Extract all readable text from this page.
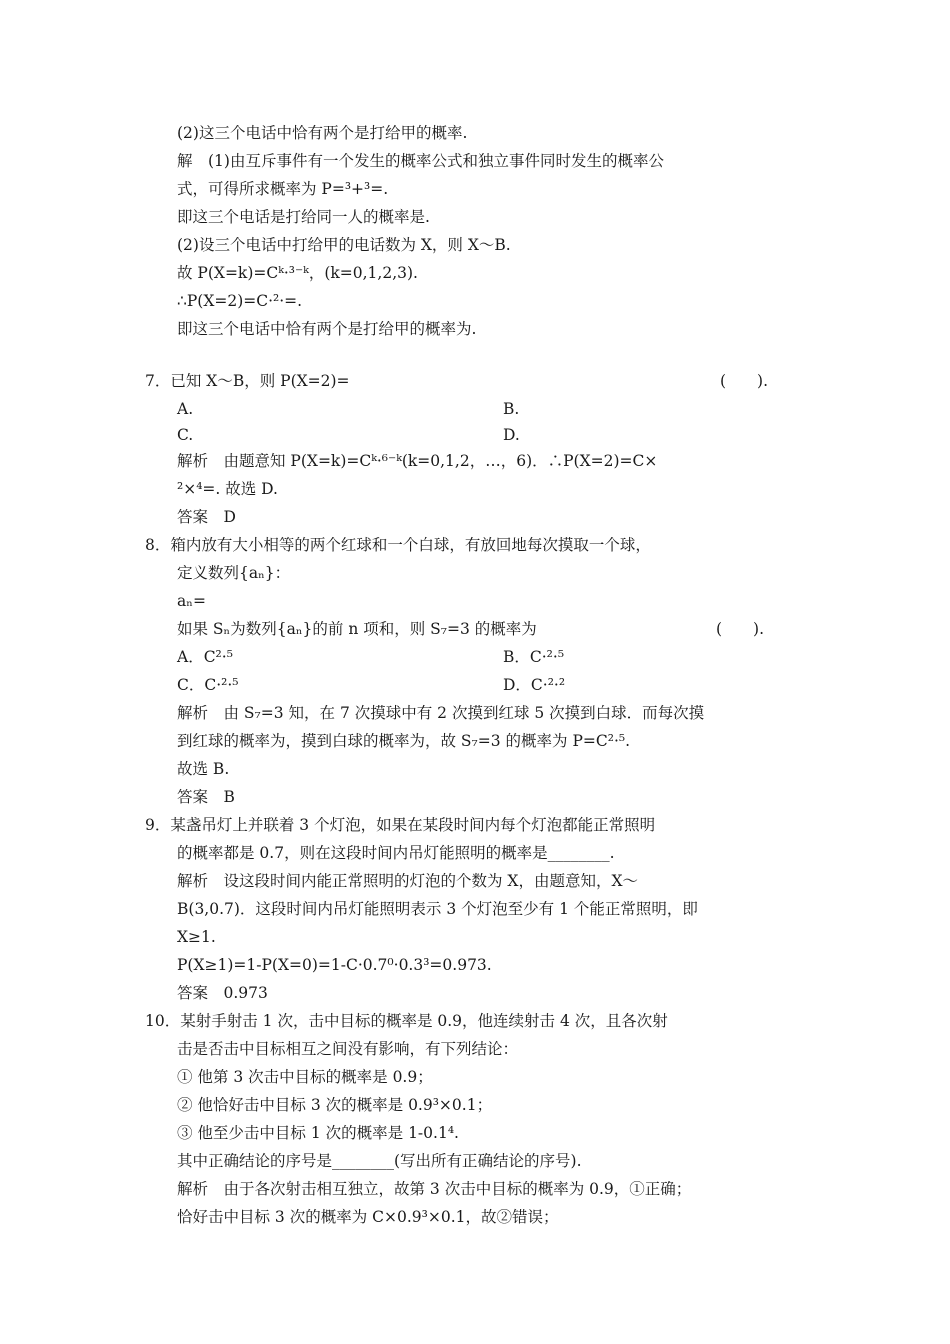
(2)这三个电话中恰有两个是打给甲的概率.
解　(1)由互斥事件有一个发生的概率公式和独立事件同时发生的概率公
式，可得所求概率为 P=³+³=.
即这三个电话是打给同一人的概率是.
(2)设三个电话中打给甲的电话数为 X，则 X～B.
故 P(X=k)=Cᵏ·³⁻ᵏ，(k=0,1,2,3).
∴P(X=2)=C·²·=.
即这三个电话中恰有两个是打给甲的概率为.
7．已知 X～B，则 P(X=2)=	(　　).
A.	B.
C.	D.
解析　由题意知 P(X=k)=Cᵏ·⁶⁻ᵏ(k=0,1,2，…，6)．∴P(X=2)=C×
²×⁴=. 故选 D.
答案　D
8．箱内放有大小相等的两个红球和一个白球，有放回地每次摸取一个球，
定义数列{aₙ}：
aₙ=
如果 Sₙ为数列{aₙ}的前 n 项和，则 S₇=3 的概率为	(　　).
A．C²·⁵	B．C·²·⁵
C．C·²·⁵	D．C·²·²
解析　由 S₇=3 知，在 7 次摸球中有 2 次摸到红球 5 次摸到白球．而每次摸
到红球的概率为，摸到白球的概率为，故 S₇=3 的概率为 P=C²·⁵.
故选 B.
答案　B
9．某盏吊灯上并联着 3 个灯泡，如果在某段时间内每个灯泡都能正常照明
的概率都是 0.7，则在这段时间内吊灯能照明的概率是________.
解析　设这段时间内能正常照明的灯泡的个数为 X，由题意知，X～
B(3,0.7)．这段时间内吊灯能照明表示 3 个灯泡至少有 1 个能正常照明，即
X≥1.
P(X≥1)=1-P(X=0)=1-C·0.7⁰·0.3³=0.973.
答案　0.973
10．某射手射击 1 次，击中目标的概率是 0.9，他连续射击 4 次，且各次射
击是否击中目标相互之间没有影响，有下列结论：
① 他第 3 次击中目标的概率是 0.9；
② 他恰好击中目标 3 次的概率是 0.9³×0.1；
③ 他至少击中目标 1 次的概率是 1-0.1⁴.
其中正确结论的序号是________(写出所有正确结论的序号).
解析　由于各次射击相互独立，故第 3 次击中目标的概率为 0.9，①正确；
恰好击中目标 3 次的概率为 C×0.9³×0.1，故②错误；
